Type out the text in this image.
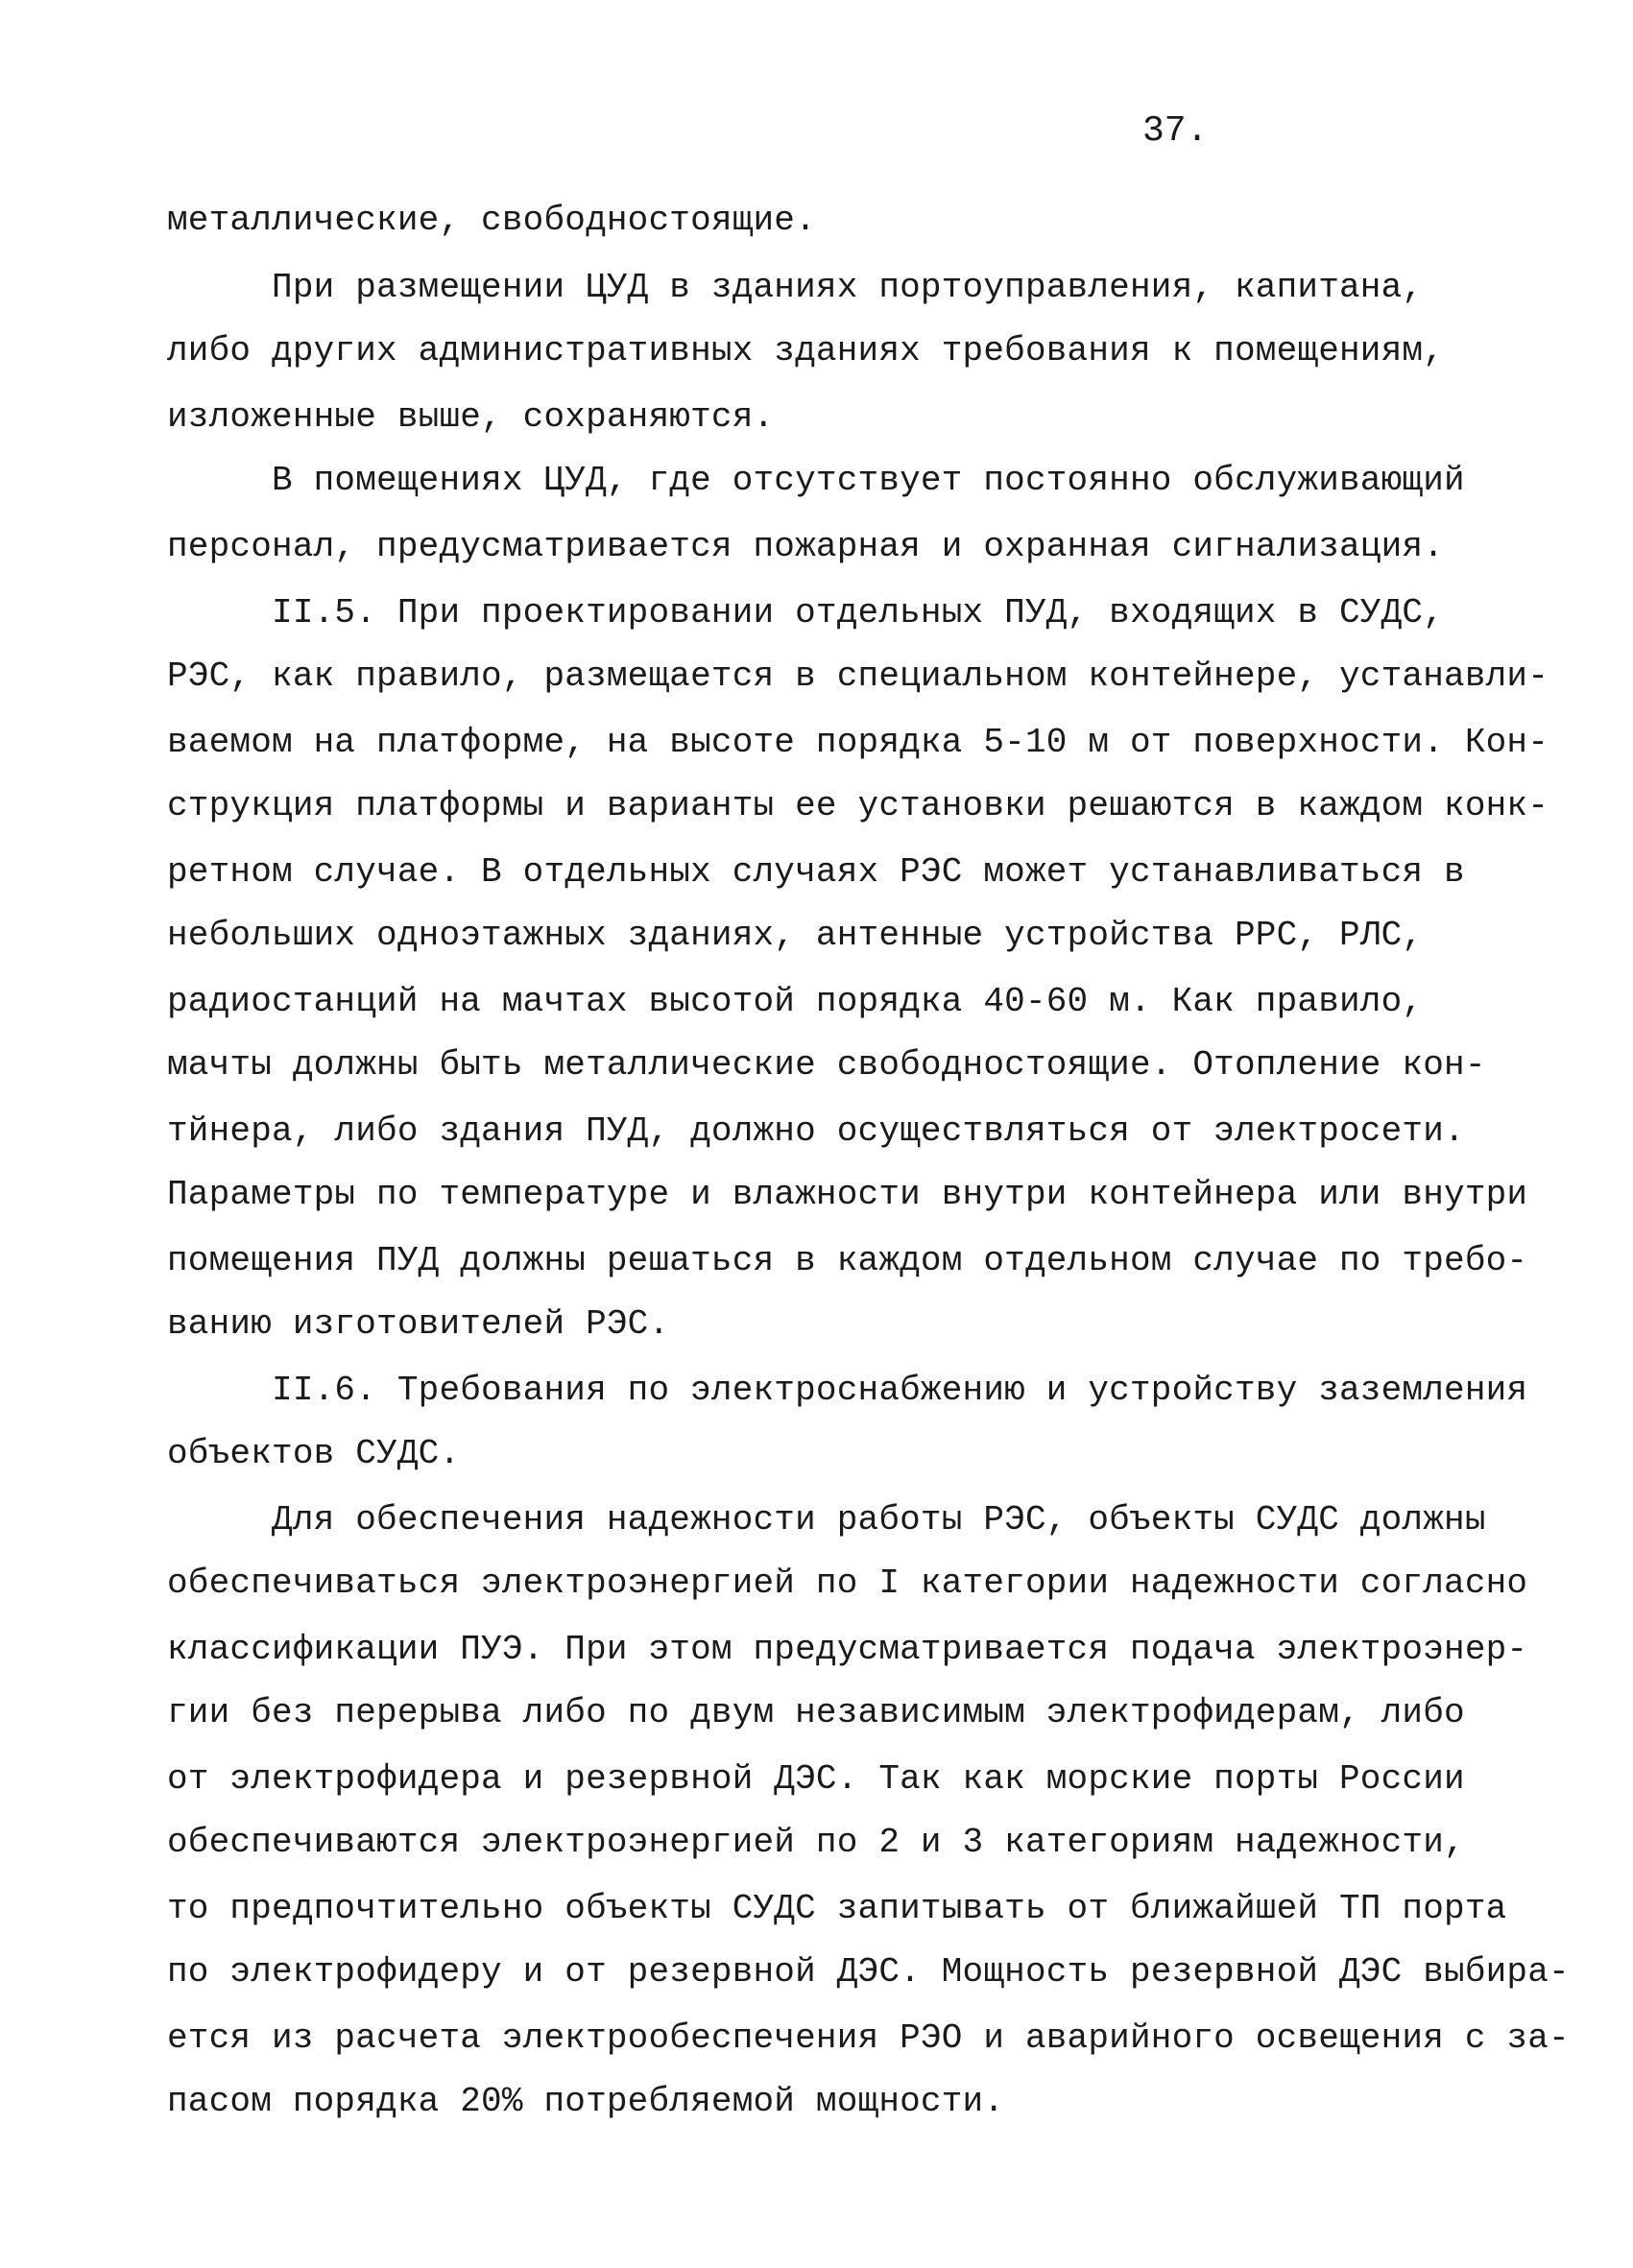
37.
металлические, свободностоящие.
При размещении ЦУД в зданиях портоуправления, капитана,
либо других административных зданиях требования к помещениям,
изложенные выше, сохраняются.
В помещениях ЦУД, где отсутствует постоянно обслуживающий
персонал, предусматривается пожарная и охранная сигнализация.
II.5. При проектировании отдельных ПУД, входящих в СУДС,
РЭС, как правило, размещается в специальном контейнере, устанавли-
ваемом на платформе, на высоте порядка 5-10 м от поверхности. Кон-
струкция платформы и варианты ее установки решаются в каждом конк-
ретном случае. В отдельных случаях РЭС может устанавливаться в
небольших одноэтажных зданиях, антенные устройства РРС, РЛС,
радиостанций на мачтах высотой порядка 40-60 м. Как правило,
мачты должны быть металлические свободностоящие. Отопление кон-
тйнера, либо здания ПУД, должно осуществляться от электросети.
Параметры по температуре и влажности внутри контейнера или внутри
помещения ПУД должны решаться в каждом отдельном случае по требо-
ванию изготовителей РЭС.
II.6. Требования по электроснабжению и устройству заземления
объектов СУДС.
Для обеспечения надежности работы РЭС, объекты СУДС должны
обеспечиваться электроэнергией по I категории надежности согласно
классификации ПУЭ. При этом предусматривается подача электроэнер-
гии без перерыва либо по двум независимым электрофидерам, либо
от электрофидера и резервной ДЭС. Так как морские порты России
обеспечиваются электроэнергией по 2 и 3 категориям надежности,
то предпочтительно объекты СУДС запитывать от ближайшей ТП порта
по электрофидеру и от резервной ДЭС. Мощность резервной ДЭС выбира-
ется из расчета электрообеспечения РЭО и аварийного освещения с за-
пасом порядка 20% потребляемой мощности.
